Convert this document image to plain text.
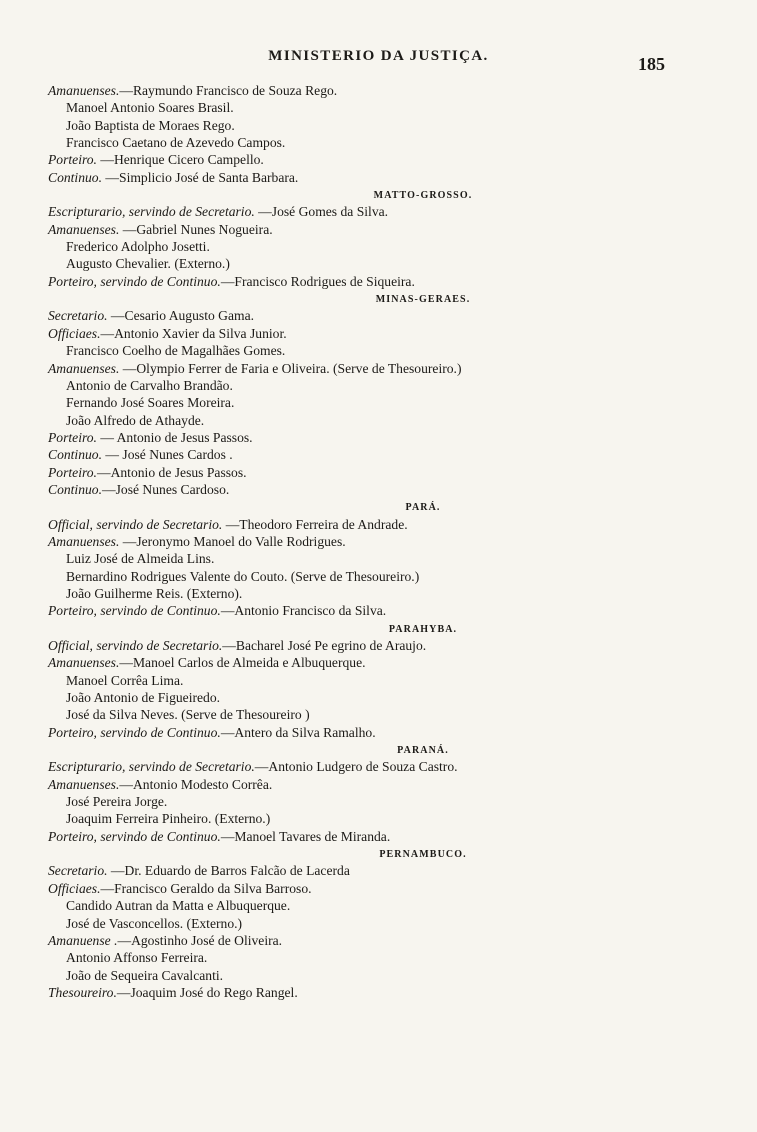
MINISTERIO DA JUSTIÇA.	185
Amanuenses.—Raymundo Francisco de Souza Rego.
Manoel Antonio Soares Brasil.
João Baptista de Moraes Rego.
Francisco Caetano de Azevedo Campos.
Porteiro. —Henrique Cicero Campello.
Continuo. —Simplicio José de Santa Barbara.
MATTO-GROSSO.
Escripturario, servindo de Secretario. —José Gomes da Silva.
Amanuenses. —Gabriel Nunes Nogueira.
Frederico Adolpho Josetti.
Augusto Chevalier. (Externo.)
Porteiro, servindo de Continuo.—Francisco Rodrigues de Siqueira.
MINAS-GERAES.
Secretario. —Cesario Augusto Gama.
Officiaes.—Antonio Xavier da Silva Junior.
Francisco Coelho de Magalhães Gomes.
Amanuenses. —Olympio Ferrer de Faria e Oliveira. (Serve de Thesoureiro.)
Antonio de Carvalho Brandão.
Fernando José Soares Moreira.
João Alfredo de Athayde.
Porteiro. — Antonio de Jesus Passos.
Continuo. — José Nunes Cardos .
Porteiro.—Antonio de Jesus Passos.
Continuo.—José Nunes Cardoso.
PARÁ.
Official, servindo de Secretario. —Theodoro Ferreira de Andrade.
Amanuenses. —Jeronymo Manoel do Valle Rodrigues.
Luiz José de Almeida Lins.
Bernardino Rodrigues Valente do Couto. (Serve de Thesoureiro.)
João Guilherme Reis. (Externo).
Porteiro, servindo de Continuo.—Antonio Francisco da Silva.
PARAHYBA.
Official, servindo de Secretario.—Bacharel José Pe egrino de Araujo.
Amanuenses.—Manoel Carlos de Almeida e Albuquerque.
Manoel Corrêa Lima.
João Antonio de Figueiredo.
José da Silva Neves. (Serve de Thesoureiro )
Porteiro, servindo de Continuo.—Antero da Silva Ramalho.
PARANÁ.
Escripturario, servindo de Secretario.—Antonio Ludgero de Souza Castro.
Amanuenses.—Antonio Modesto Corrêa.
José Pereira Jorge.
Joaquim Ferreira Pinheiro. (Externo.)
Porteiro, servindo de Continuo.—Manoel Tavares de Miranda.
PERNAMBUCO.
Secretario. —Dr. Eduardo de Barros Falcão de Lacerda
Officiaes.—Francisco Geraldo da Silva Barroso.
Candido Autran da Matta e Albuquerque.
José de Vasconcellos. (Externo.)
Amanuense .—Agostinho José de Oliveira.
Antonio Affonso Ferreira.
João de Sequeira Cavalcanti.
Thesoureiro.—Joaquim José do Rego Rangel.
